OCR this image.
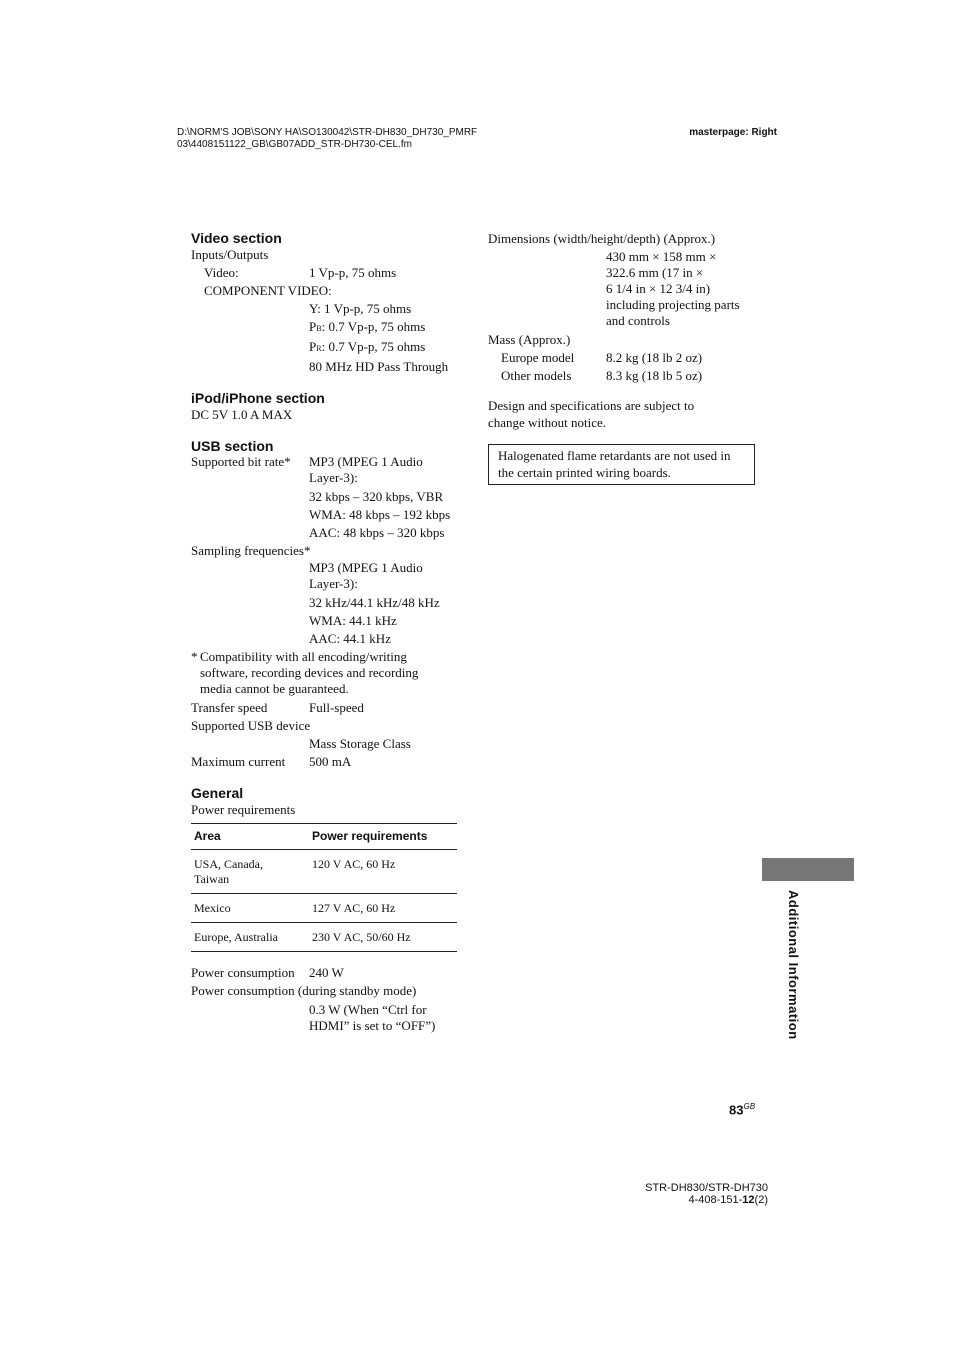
D:\NORM'S JOB\SONY HA\SO130042\STR-DH830_DH730_PMRF
03\4408151122_GB\GB07ADD_STR-DH730-CEL.fm
masterpage: Right
Video section
Inputs/Outputs
Video:	1 Vp-p, 75 ohms
COMPONENT VIDEO:
Y: 1 Vp-p, 75 ohms
PB: 0.7 Vp-p, 75 ohms
PR: 0.7 Vp-p, 75 ohms
80 MHz HD Pass Through
iPod/iPhone section
DC 5V 1.0 A MAX
USB section
Supported bit rate*	MP3 (MPEG 1 Audio
Layer-3):
32 kbps – 320 kbps, VBR
WMA: 48 kbps – 192 kbps
AAC: 48 kbps – 320 kbps
Sampling frequencies*
MP3 (MPEG 1 Audio
Layer-3):
32 kHz/44.1 kHz/48 kHz
WMA: 44.1 kHz
AAC: 44.1 kHz
* Compatibility with all encoding/writing
software, recording devices and recording
media cannot be guaranteed.
Transfer speed	Full-speed
Supported USB device
Mass Storage Class
Maximum current	500 mA
General
Power requirements
Area	Power requirements
USA, Canada,
Taiwan	120 V AC, 60 Hz
Mexico	127 V AC, 60 Hz
Europe, Australia	230 V AC, 50/60 Hz
Power consumption	240 W
Power consumption (during standby mode)
0.3 W (When “Ctrl for
HDMI” is set to “OFF”)
Dimensions (width/height/depth) (Approx.)
430 mm × 158 mm ×
322.6 mm (17 in ×
6 1/4 in × 12 3/4 in)
including projecting parts
and controls
Mass (Approx.)
Europe model	8.2 kg (18 lb 2 oz)
Other models	8.3 kg (18 lb 5 oz)
Design and specifications are subject to
change without notice.
Halogenated flame retardants are not used in
the certain printed wiring boards.
Additional Information
$83^{GB}$
STR-DH830/STR-DH730
4-408-151-12(2)
